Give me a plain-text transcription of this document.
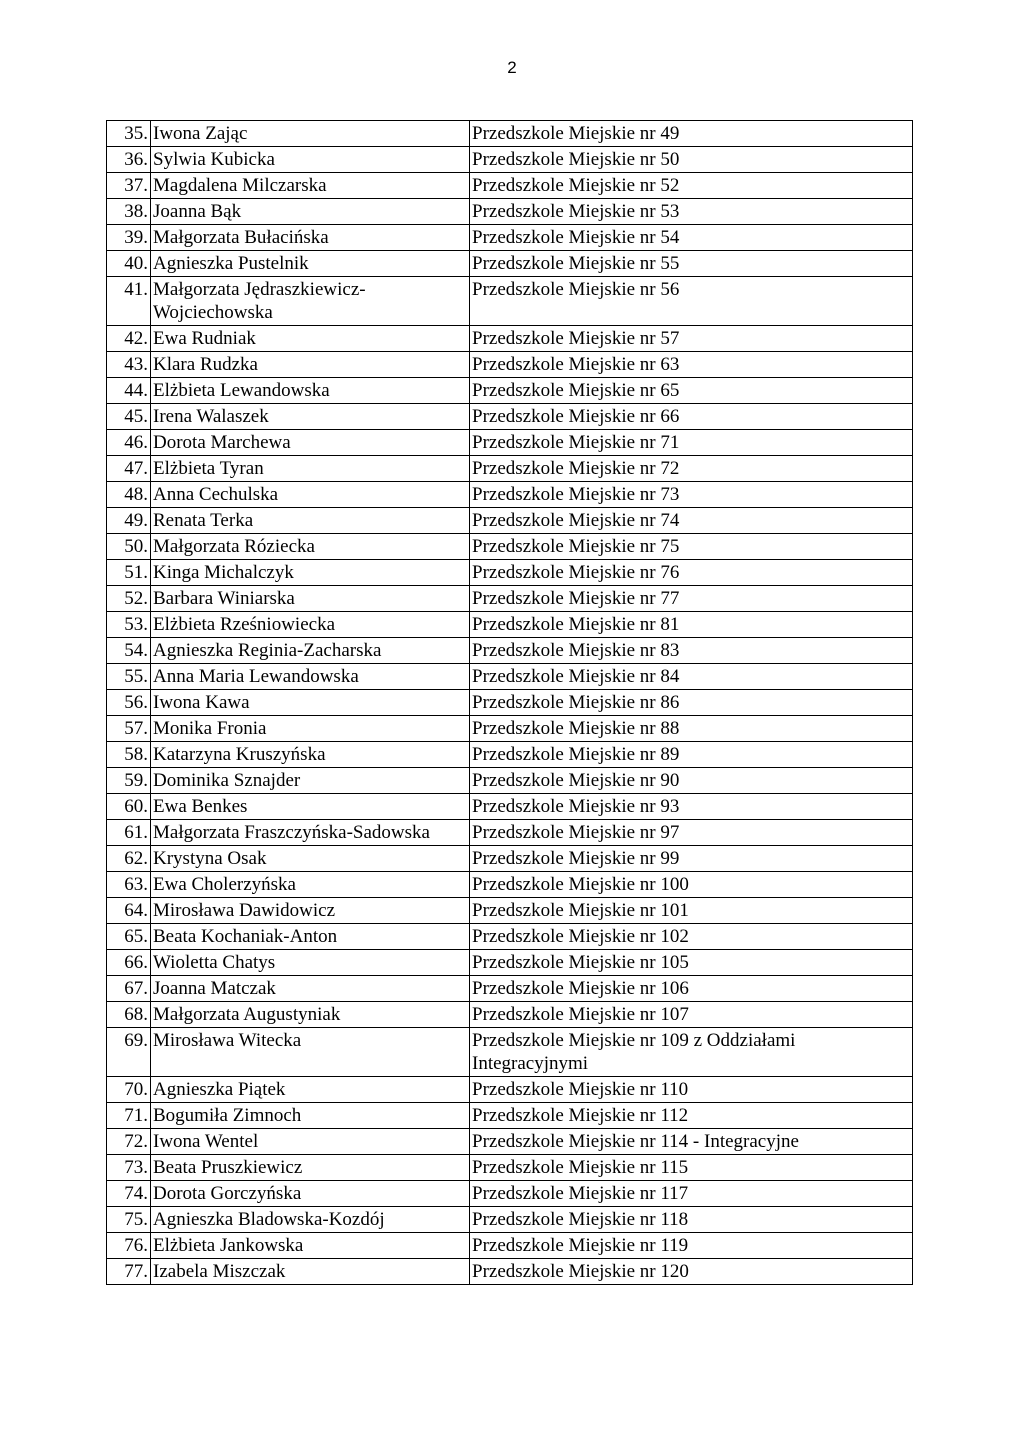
2
35.	Iwona Zając	Przedszkole Miejskie nr 49
36.	Sylwia Kubicka	Przedszkole Miejskie nr 50
37.	Magdalena Milczarska	Przedszkole Miejskie nr 52
38.	Joanna Bąk	Przedszkole Miejskie nr 53
39.	Małgorzata Bułacińska	Przedszkole Miejskie nr 54
40.	Agnieszka Pustelnik	Przedszkole Miejskie nr 55
41.	Małgorzata Jędraszkiewicz-Wojciechowska	Przedszkole Miejskie nr 56
42.	Ewa Rudniak	Przedszkole Miejskie nr 57
43.	Klara Rudzka	Przedszkole Miejskie nr 63
44.	Elżbieta Lewandowska	Przedszkole Miejskie nr 65
45.	Irena Walaszek	Przedszkole Miejskie nr 66
46.	Dorota Marchewa	Przedszkole Miejskie nr 71
47.	Elżbieta Tyran	Przedszkole Miejskie nr 72
48.	Anna Cechulska	Przedszkole Miejskie nr 73
49.	Renata Terka	Przedszkole Miejskie nr 74
50.	Małgorzata Róziecka	Przedszkole Miejskie nr 75
51.	Kinga Michalczyk	Przedszkole Miejskie nr 76
52.	Barbara Winiarska	Przedszkole Miejskie nr 77
53.	Elżbieta Rześniowiecka	Przedszkole Miejskie nr 81
54.	Agnieszka Reginia-Zacharska	Przedszkole Miejskie nr 83
55.	Anna Maria Lewandowska	Przedszkole Miejskie nr 84
56.	Iwona Kawa	Przedszkole Miejskie nr 86
57.	Monika Fronia	Przedszkole Miejskie nr 88
58.	Katarzyna Kruszyńska	Przedszkole Miejskie nr 89
59.	Dominika Sznajder	Przedszkole Miejskie nr 90
60.	Ewa Benkes	Przedszkole Miejskie nr 93
61.	Małgorzata Fraszczyńska-Sadowska	Przedszkole Miejskie nr 97
62.	Krystyna Osak	Przedszkole Miejskie nr 99
63.	Ewa Cholerzyńska	Przedszkole Miejskie nr 100
64.	Mirosława Dawidowicz	Przedszkole Miejskie nr 101
65.	Beata Kochaniak-Anton	Przedszkole Miejskie nr 102
66.	Wioletta Chatys	Przedszkole Miejskie nr 105
67.	Joanna Matczak	Przedszkole Miejskie nr 106
68.	Małgorzata Augustyniak	Przedszkole Miejskie nr 107
69.	Mirosława Witecka	Przedszkole Miejskie nr 109 z Oddziałami Integracyjnymi
70.	Agnieszka Piątek	Przedszkole Miejskie nr 110
71.	Bogumiła Zimnoch	Przedszkole Miejskie nr 112
72.	Iwona Wentel	Przedszkole Miejskie nr 114 - Integracyjne
73.	Beata Pruszkiewicz	Przedszkole Miejskie nr 115
74.	Dorota Gorczyńska	Przedszkole Miejskie nr 117
75.	Agnieszka Bladowska-Kozdój	Przedszkole Miejskie nr 118
76.	Elżbieta Jankowska	Przedszkole Miejskie nr 119
77.	Izabela Miszczak	Przedszkole Miejskie nr 120
